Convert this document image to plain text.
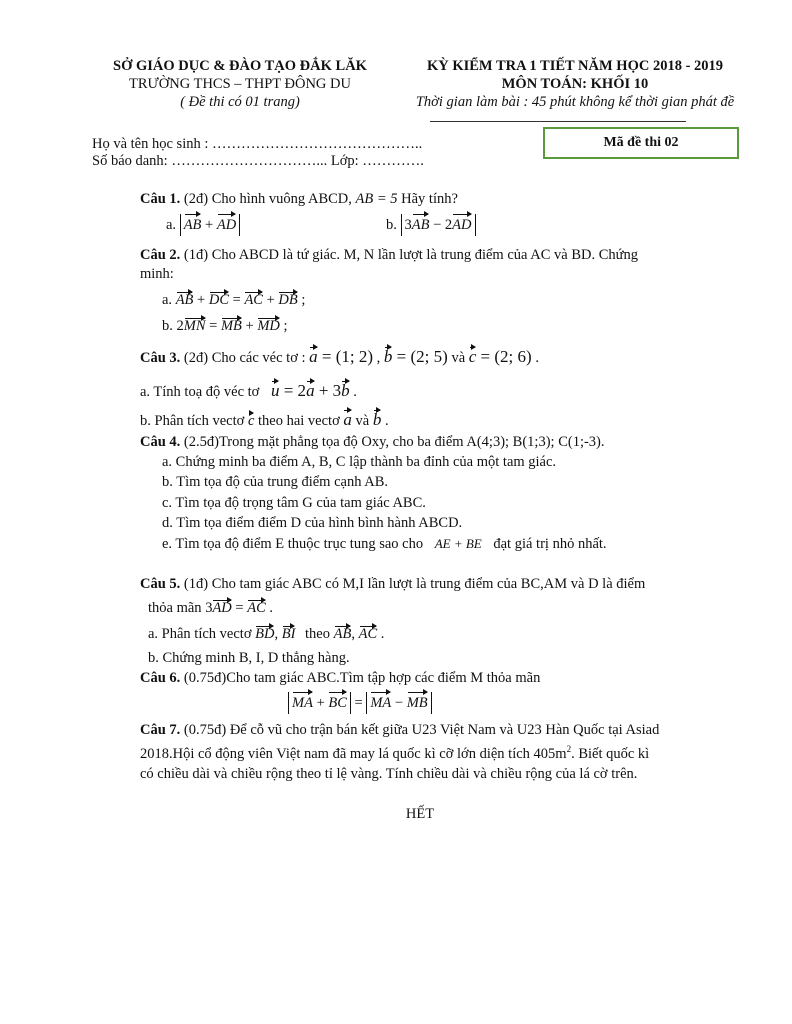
SỞ GIÁO DỤC & ĐÀO TẠO ĐẮK LĂK
TRƯỜNG THCS – THPT ĐÔNG DU
( Đề thi có 01 trang)
KỲ KIỂM TRA 1 TIẾT NĂM HỌC 2018 - 2019
MÔN TOÁN: KHỐI 10
Thời gian làm bài : 45 phút không kể thời gian phát đề
Họ và tên học sinh : ……………………………………..
Số báo danh: …………………………... Lớp: ………….
Mã đề thi 02
Câu 1. (2đ) Cho hình vuông ABCD, AB = 5 Hãy tính?
a. AB + AD	b. 3AB − 2AD
Câu 2. (1đ) Cho ABCD là tứ giác. M, N lần lượt là trung điểm của AC và BD. Chứng
minh:
a. AB + DC = AC + DB ;
b. 2MN = MB + MD ;
Câu 3. (2đ) Cho các véc tơ : a = (1; 2) , b = (2; 5) và c = (2; 6) .
a. Tính toạ độ véc tơ u = 2a + 3b .
b. Phân tích vectơ c theo hai vectơ a và b .
Câu 4. (2.5đ)Trong mặt phẳng tọa độ Oxy, cho ba điểm A(4;3); B(1;3); C(1;-3).
a. Chứng minh ba điểm A, B, C lập thành ba đỉnh của một tam giác.
b. Tìm tọa độ của trung điểm cạnh AB.
c. Tìm tọa độ trọng tâm G của tam giác ABC.
d. Tìm tọa điểm điểm D của hình bình hành ABCD.
e. Tìm tọa độ điểm E thuộc trục tung sao cho AE + BE đạt giá trị nhỏ nhất.
Câu 5. (1đ) Cho tam giác ABC có M,I lần lượt là trung điểm của BC,AM và D là điểm
thỏa mãn 3AD = AC .
a. Phân tích vectơ BD, BI theo AB, AC .
b. Chứng minh B, I, D thẳng hàng.
Câu 6. (0.75đ)Cho tam giác ABC.Tìm tập hợp các điểm M thỏa mãn
MA + BC = MA − MB
Câu 7. (0.75đ) Để cỗ vũ cho trận bán kết giữa U23 Việt Nam và U23 Hàn Quốc tại Asiad
2018.Hội cổ động viên Việt nam đã may lá quốc kì cỡ lớn diện tích $405m^2$. Biết quốc kì
có chiều dài và chiều rộng theo tỉ lệ vàng. Tính chiều dài và chiều rộng của lá cờ trên.
HẾT
